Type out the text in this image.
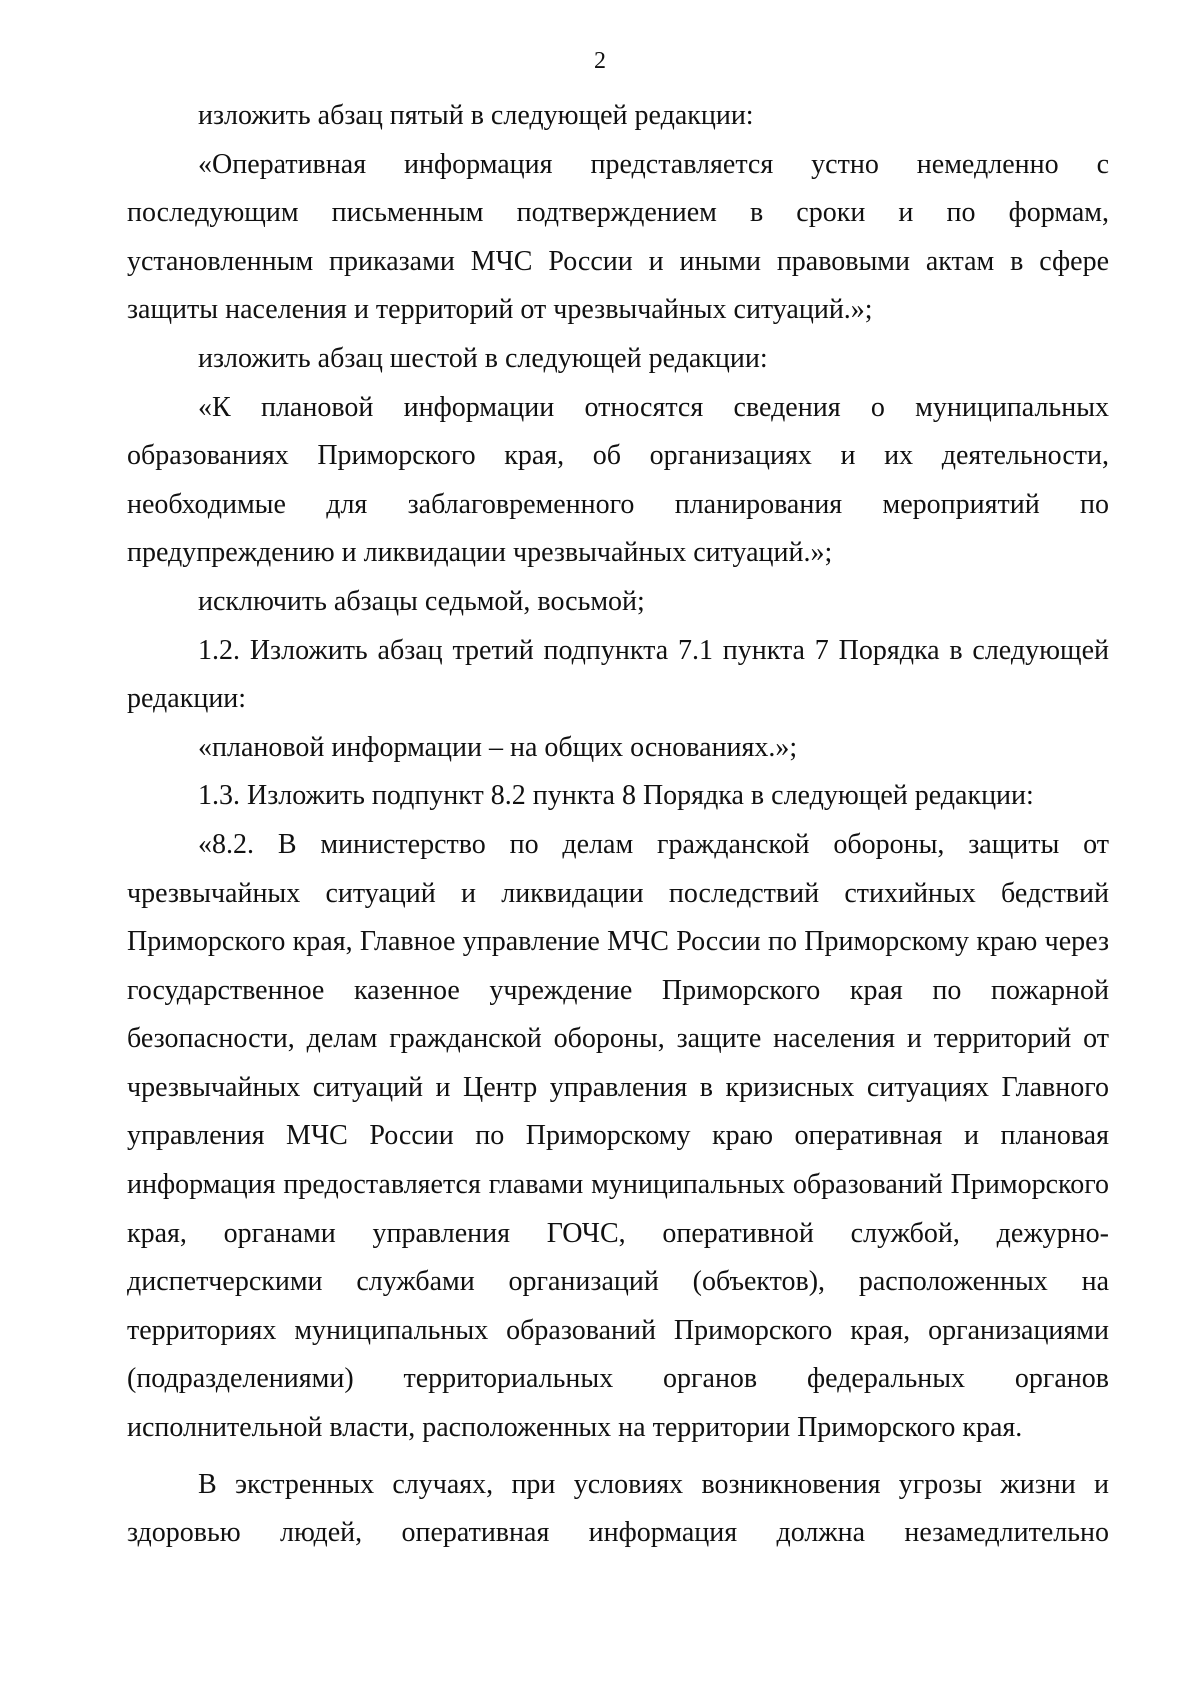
2

изложить абзац пятый в следующей редакции:

«Оперативная информация представляется устно немедленно с последующим письменным подтверждением в сроки и по формам, установленным приказами МЧС России и иными правовыми актам в сфере защиты населения и территорий от чрезвычайных ситуаций.»;

изложить абзац шестой в следующей редакции:

«К плановой информации относятся сведения о муниципальных образованиях Приморского края, об организациях и их деятельности, необходимые для заблаговременного планирования мероприятий по предупреждению и ликвидации чрезвычайных ситуаций.»;

исключить абзацы седьмой, восьмой;

1.2. Изложить абзац третий подпункта 7.1 пункта 7 Порядка в следующей редакции:

«плановой информации – на общих основаниях.»;

1.3. Изложить подпункт 8.2 пункта 8 Порядка в следующей редакции:

«8.2. В министерство по делам гражданской обороны, защиты от чрезвычайных ситуаций и ликвидации последствий стихийных бедствий Приморского края, Главное управление МЧС России по Приморскому краю через государственное казенное учреждение Приморского края по пожарной безопасности, делам гражданской обороны, защите населения и территорий от чрезвычайных ситуаций и Центр управления в кризисных ситуациях Главного управления МЧС России по Приморскому краю оперативная и плановая информация предоставляется главами муниципальных образований Приморского края, органами управления ГОЧС, оперативной службой, дежурно-диспетчерскими службами организаций (объектов), расположенных на территориях муниципальных образований Приморского края, организациями (подразделениями) территориальных органов федеральных органов исполнительной власти, расположенных на территории Приморского края.

В экстренных случаях, при условиях возникновения угрозы жизни и здоровью людей, оперативная информация должна незамедлительно
